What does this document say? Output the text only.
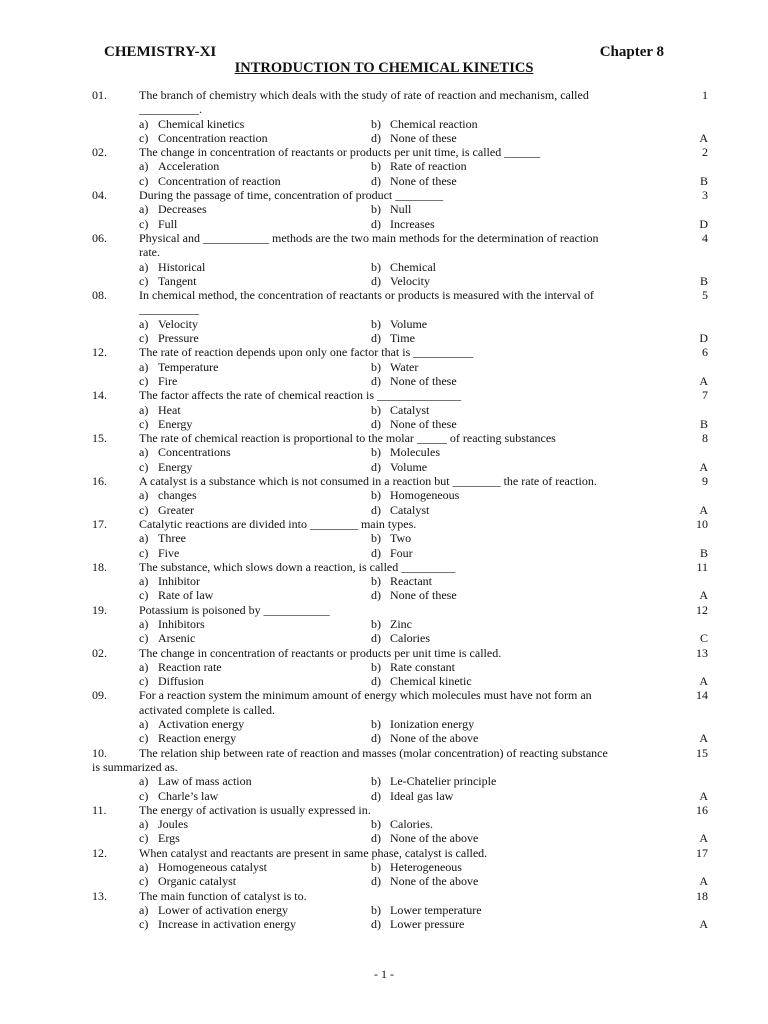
CHEMISTRY-XI	Chapter 8
INTRODUCTION TO CHEMICAL KINETICS
01.	1
The branch of chemistry which deals with the study of rate of reaction and mechanism, called
__________.
a) Chemical kinetics	b) Chemical reaction
c) Concentration reaction	d) None of these	A
02.	2
The change in concentration of reactants or products per unit time, is called ______
a) Acceleration	b) Rate of reaction
c) Concentration of reaction	d) None of these	B
04.	3
During the passage of time, concentration of product ________
a) Decreases	b) Null
c) Full	d) Increases	D
06.	4
Physical and ___________ methods are the two main methods for the determination of reaction
rate.
a) Historical	b) Chemical
c) Tangent	d) Velocity	B
08.	5
In chemical method, the concentration of reactants or products is measured with the interval of
__________
a) Velocity	b) Volume
c) Pressure	d) Time	D
12.	6
The rate of reaction depends upon only one factor that is __________
a) Temperature	b) Water
c) Fire	d) None of these	A
14.	7
The factor affects the rate of chemical reaction is ______________
a) Heat	b) Catalyst
c) Energy	d) None of these	B
15.	8
The rate of chemical reaction is proportional to the molar _____ of reacting substances
a) Concentrations	b) Molecules
c) Energy	d) Volume	A
16.	9
A catalyst is a substance which is not consumed in a reaction but ________ the rate of reaction.
a) changes	b) Homogeneous
c) Greater	d) Catalyst	A
17.	10
Catalytic reactions are divided into ________ main types.
a) Three	b) Two
c) Five	d) Four	B
18.	11
The substance, which slows down a reaction, is called _________
a) Inhibitor	b) Reactant
c) Rate of law	d) None of these	A
19.	12
Potassium is poisoned by ___________
a) Inhibitors	b) Zinc
c) Arsenic	d) Calories	C
02.	13
The change in concentration of reactants or products per unit time is called.
a) Reaction rate	b) Rate constant
c) Diffusion	d) Chemical kinetic	A
09.	14
For a reaction system the minimum amount of energy which molecules must have not form an
activated complete is called.
a) Activation energy	b) Ionization energy
c) Reaction energy	d) None of the above	A
10.	15
The relation ship between rate of reaction and masses (molar concentration) of reacting substance
is summarized as.
a) Law of mass action	b) Le-Chatelier principle
c) Charle’s law	d) Ideal gas law	A
11.	16
The energy of activation is usually expressed in.
a) Joules	b) Calories.
c) Ergs	d) None of the above	A
12.	17
When catalyst and reactants are present in same phase, catalyst is called.
a) Homogeneous catalyst	b) Heterogeneous
c) Organic catalyst	d) None of the above	A
13.	18
The main function of catalyst is to.
a) Lower of activation energy	b) Lower temperature
c) Increase in activation energy	d) Lower pressure	A
- 1 -
